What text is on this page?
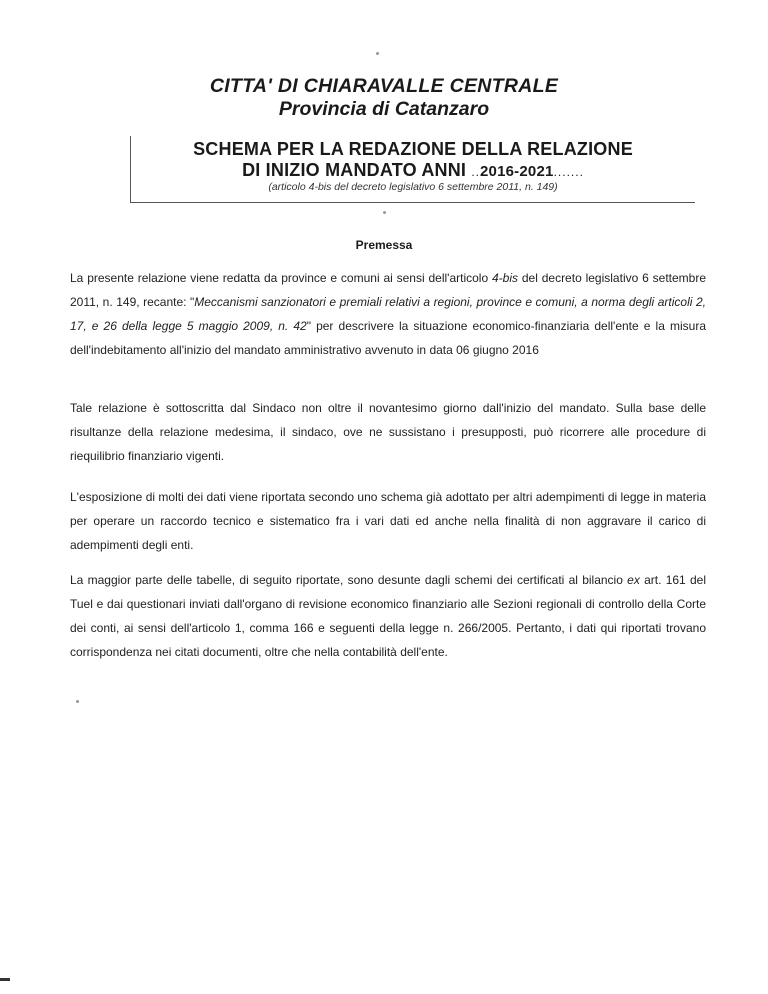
CITTA' DI CHIARAVALLE CENTRALE
Provincia di Catanzaro
SCHEMA PER LA REDAZIONE DELLA RELAZIONE
DI INIZIO MANDATO ANNI ..2016-2021.......
(articolo 4-bis del decreto legislativo 6 settembre 2011, n. 149)
Premessa
La presente relazione viene redatta da province e comuni ai sensi dell'articolo 4-bis del decreto legislativo 6 settembre 2011, n. 149, recante: "Meccanismi sanzionatori e premiali relativi a regioni, province e comuni, a norma degli articoli 2, 17, e 26 della legge 5 maggio 2009, n. 42" per descrivere la situazione economico-finanziaria dell'ente e la misura dell'indebitamento all'inizio del mandato amministrativo avvenuto in data 06 giugno 2016
Tale relazione è sottoscritta dal Sindaco non oltre il novantesimo giorno dall'inizio del mandato. Sulla base delle risultanze della relazione medesima, il sindaco, ove ne sussistano i presupposti, può ricorrere alle procedure di riequilibrio finanziario vigenti.
L'esposizione di molti dei dati viene riportata secondo uno schema già adottato per altri adempimenti di legge in materia per operare un raccordo tecnico e sistematico fra i vari dati ed anche nella finalità di non aggravare il carico di adempimenti degli enti.
La maggior parte delle tabelle, di seguito riportate, sono desunte dagli schemi dei certificati al bilancio ex art. 161 del Tuel e dai questionari inviati dall'organo di revisione economico finanziario alle Sezioni regionali di controllo della Corte dei conti, ai sensi dell'articolo 1, comma 166 e seguenti della legge n. 266/2005. Pertanto, i dati qui riportati trovano corrispondenza nei citati documenti, oltre che nella contabilità dell'ente.
